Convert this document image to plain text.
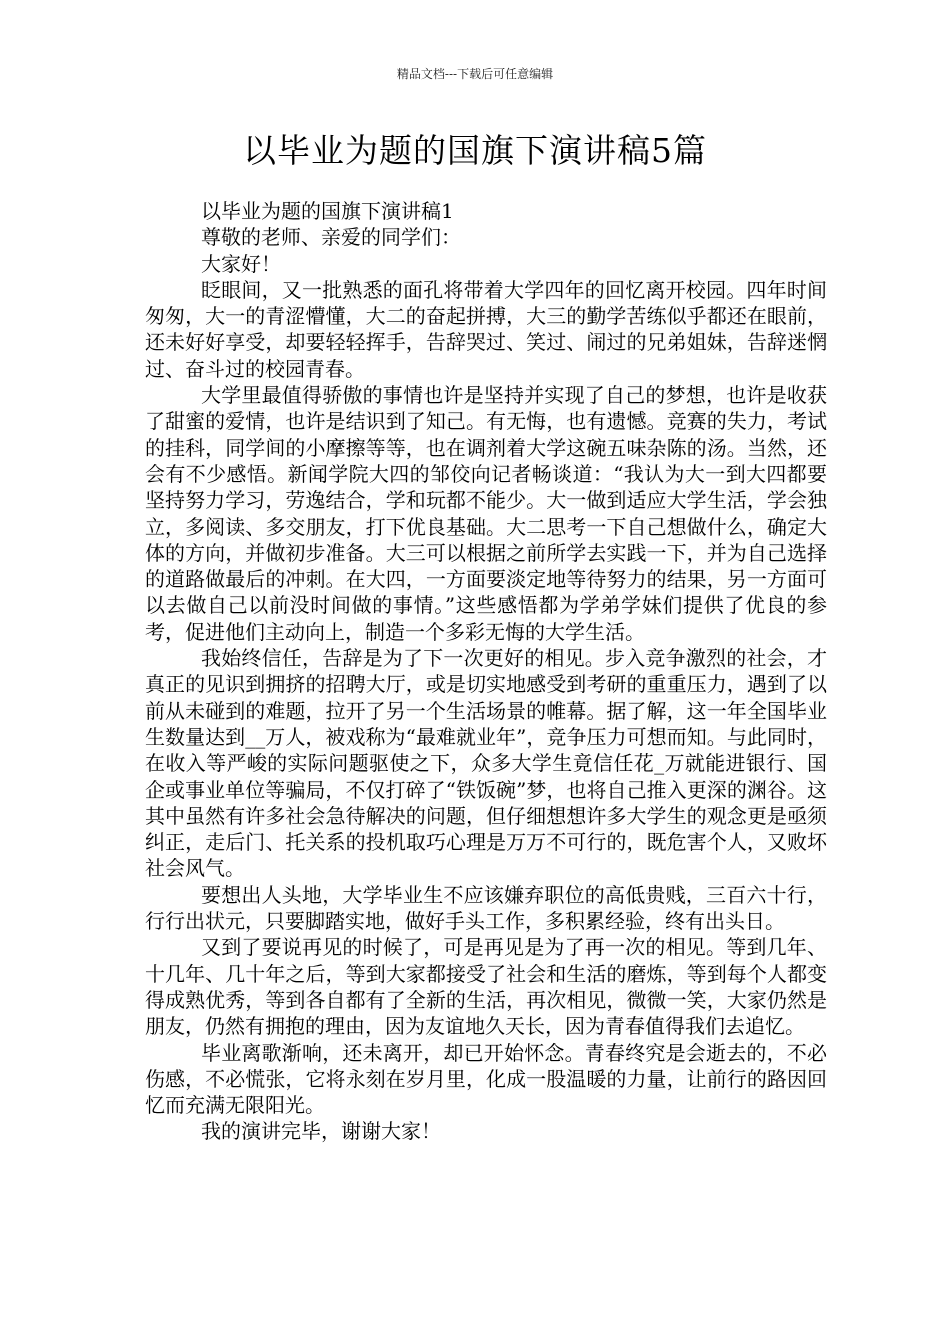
精品文档---下载后可任意编辑
以毕业为题的国旗下演讲稿5篇

以毕业为题的国旗下演讲稿1

尊敬的老师、亲爱的同学们：

大家好！

眨眼间，又一批熟悉的面孔将带着大学四年的回忆离开校园。四年时间匆匆，大一的青涩懵懂，大二的奋起拼搏，大三的勤学苦练似乎都还在眼前，还未好好享受，却要轻轻挥手，告辞哭过、笑过、闹过的兄弟姐妹，告辞迷惘过、奋斗过的校园青春。

大学里最值得骄傲的事情也许是坚持并实现了自己的梦想，也许是收获了甜蜜的爱情，也许是结识到了知己。有无悔，也有遗憾。竞赛的失力，考试的挂科，同学间的小摩擦等等，也在调剂着大学这碗五味杂陈的汤。当然，还会有不少感悟。新闻学院大四的邹佼向记者畅谈道：“我认为大一到大四都要坚持努力学习，劳逸结合，学和玩都不能少。大一做到适应大学生活，学会独立，多阅读、多交朋友，打下优良基础。大二思考一下自己想做什么，确定大体的方向，并做初步准备。大三可以根据之前所学去实践一下，并为自己选择的道路做最后的冲刺。在大四，一方面要淡定地等待努力的结果，另一方面可以去做自己以前没时间做的事情。”这些感悟都为学弟学妹们提供了优良的参考，促进他们主动向上，制造一个多彩无悔的大学生活。

我始终信任，告辞是为了下一次更好的相见。步入竞争激烈的社会，才真正的见识到拥挤的招聘大厅，或是切实地感受到考研的重重压力，遇到了以前从未碰到的难题，拉开了另一个生活场景的帷幕。据了解，这一年全国毕业生数量达到__万人，被戏称为“最难就业年”，竞争压力可想而知。与此同时，在收入等严峻的实际问题驱使之下，众多大学生竟信任花_万就能进银行、国企或事业单位等骗局，不仅打碎了“铁饭碗”梦，也将自己推入更深的渊谷。这其中虽然有许多社会急待解决的问题，但仔细想想许多大学生的观念更是亟须纠正，走后门、托关系的投机取巧心理是万万不可行的，既危害个人，又败坏社会风气。

要想出人头地，大学毕业生不应该嫌弃职位的高低贵贱，三百六十行，行行出状元，只要脚踏实地，做好手头工作，多积累经验，终有出头日。

又到了要说再见的时候了，可是再见是为了再一次的相见。等到几年、十几年、几十年之后，等到大家都接受了社会和生活的磨炼，等到每个人都变得成熟优秀，等到各自都有了全新的生活，再次相见，微微一笑，大家仍然是朋友，仍然有拥抱的理由，因为友谊地久天长，因为青春值得我们去追忆。

毕业离歌渐响，还未离开，却已开始怀念。青春终究是会逝去的，不必伤感，不必慌张，它将永刻在岁月里，化成一股温暖的力量，让前行的路因回忆而充满无限阳光。

我的演讲完毕，谢谢大家！
